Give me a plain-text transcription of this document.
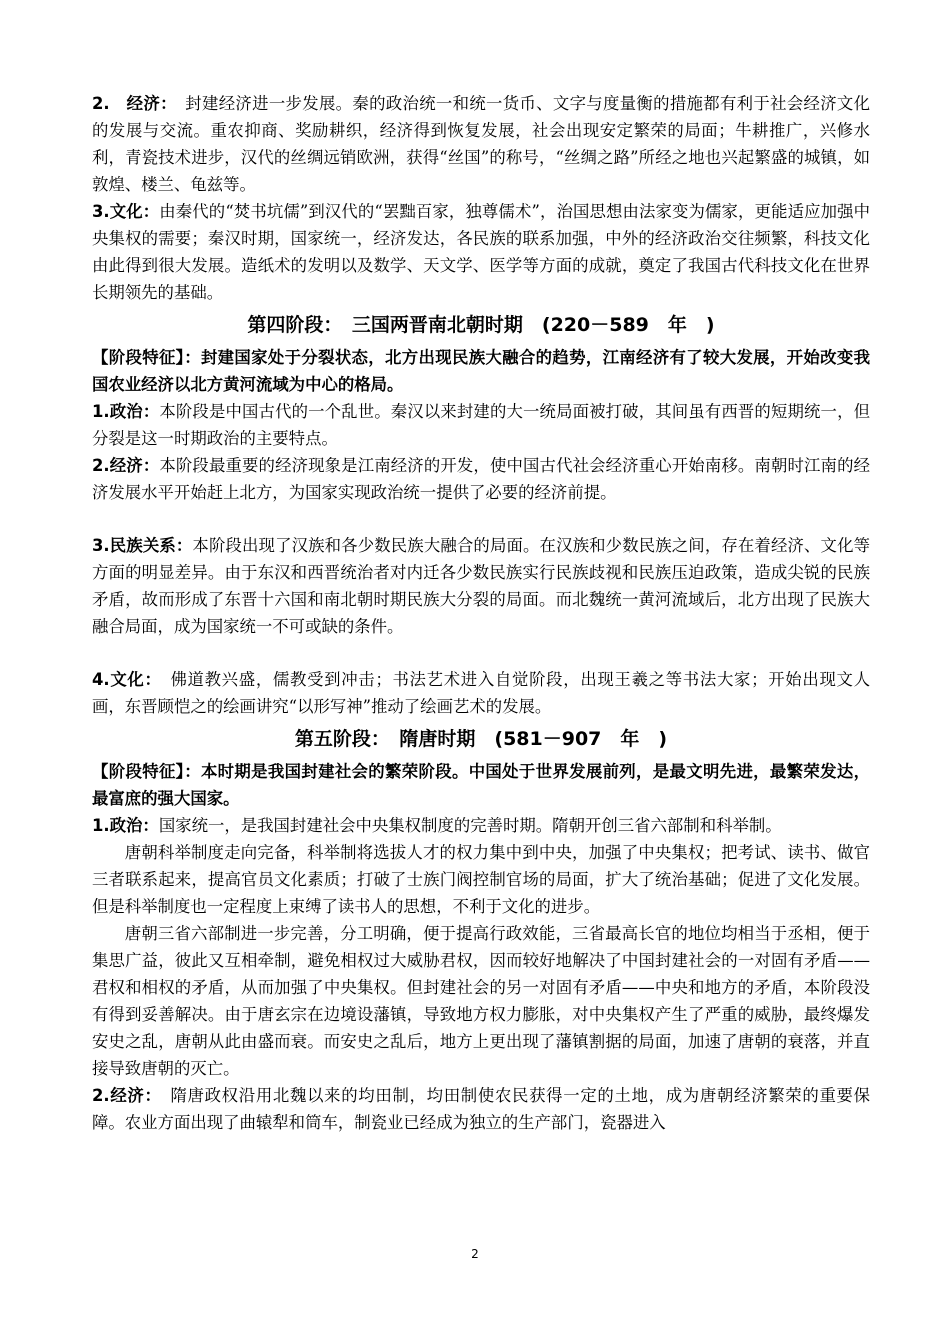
2.　经济：　封建经济进一步发展。秦的政治统一和统一货币、文字与度量衡的措施都有利于社会经济文化的发展与交流。重农抑商、奖励耕织，经济得到恢复发展，社会出现安定繁荣的局面；牛耕推广，兴修水利，青瓷技术进步，汉代的丝绸远销欧洲，获得“丝国”的称号，“丝绸之路”所经之地也兴起繁盛的城镇，如敦煌、楼兰、龟兹等。

3.文化：由秦代的“焚书坑儒”到汉代的“罢黜百家，独尊儒术”，治国思想由法家变为儒家，更能适应加强中央集权的需要；秦汉时期，国家统一，经济发达，各民族的联系加强，中外的经济政治交往频繁，科技文化由此得到很大发展。造纸术的发明以及数学、天文学、医学等方面的成就，奠定了我国古代科技文化在世界长期领先的基础。

第四阶段：　三国两晋南北朝时期　(220－589　年　)

【阶段特征】：封建国家处于分裂状态，北方出现民族大融合的趋势，江南经济有了较大发展，开始改变我国农业经济以北方黄河流域为中心的格局。

1.政治：本阶段是中国古代的一个乱世。秦汉以来封建的大一统局面被打破，其间虽有西晋的短期统一，但分裂是这一时期政治的主要特点。

2.经济：本阶段最重要的经济现象是江南经济的开发，使中国古代社会经济重心开始南移。南朝时江南的经济发展水平开始赶上北方，为国家实现政治统一提供了必要的经济前提。

3.民族关系：本阶段出现了汉族和各少数民族大融合的局面。在汉族和少数民族之间，存在着经济、文化等方面的明显差异。由于东汉和西晋统治者对内迁各少数民族实行民族歧视和民族压迫政策，造成尖锐的民族矛盾，故而形成了东晋十六国和南北朝时期民族大分裂的局面。而北魏统一黄河流域后，北方出现了民族大融合局面，成为国家统一不可或缺的条件。

4.文化：　佛道教兴盛，儒教受到冲击；书法艺术进入自觉阶段，出现王羲之等书法大家；开始出现文人画，东晋顾恺之的绘画讲究“以形写神”推动了绘画艺术的发展。

第五阶段：　隋唐时期　(581－907　年　)

【阶段特征】：本时期是我国封建社会的繁荣阶段。中国处于世界发展前列，是最文明先进，最繁荣发达，最富庶的强大国家。

1.政治：国家统一，是我国封建社会中央集权制度的完善时期。隋朝开创三省六部制和科举制。

唐朝科举制度走向完备，科举制将选拔人才的权力集中到中央，加强了中央集权；把考试、读书、做官三者联系起来，提高官员文化素质；打破了士族门阀控制官场的局面，扩大了统治基础；促进了文化发展。但是科举制度也一定程度上束缚了读书人的思想，不利于文化的进步。

唐朝三省六部制进一步完善，分工明确，便于提高行政效能，三省最高长官的地位均相当于丞相，便于集思广益，彼此又互相牵制，避免相权过大威胁君权，因而较好地解决了中国封建社会的一对固有矛盾——君权和相权的矛盾，从而加强了中央集权。但封建社会的另一对固有矛盾——中央和地方的矛盾，本阶段没有得到妥善解决。由于唐玄宗在边境设藩镇，导致地方权力膨胀，对中央集权产生了严重的威胁，最终爆发安史之乱，唐朝从此由盛而衰。而安史之乱后，地方上更出现了藩镇割据的局面，加速了唐朝的衰落，并直接导致唐朝的灭亡。

2.经济：　隋唐政权沿用北魏以来的均田制，均田制使农民获得一定的土地，成为唐朝经济繁荣的重要保障。农业方面出现了曲辕犁和筒车，制瓷业已经成为独立的生产部门，瓷器进入

2
